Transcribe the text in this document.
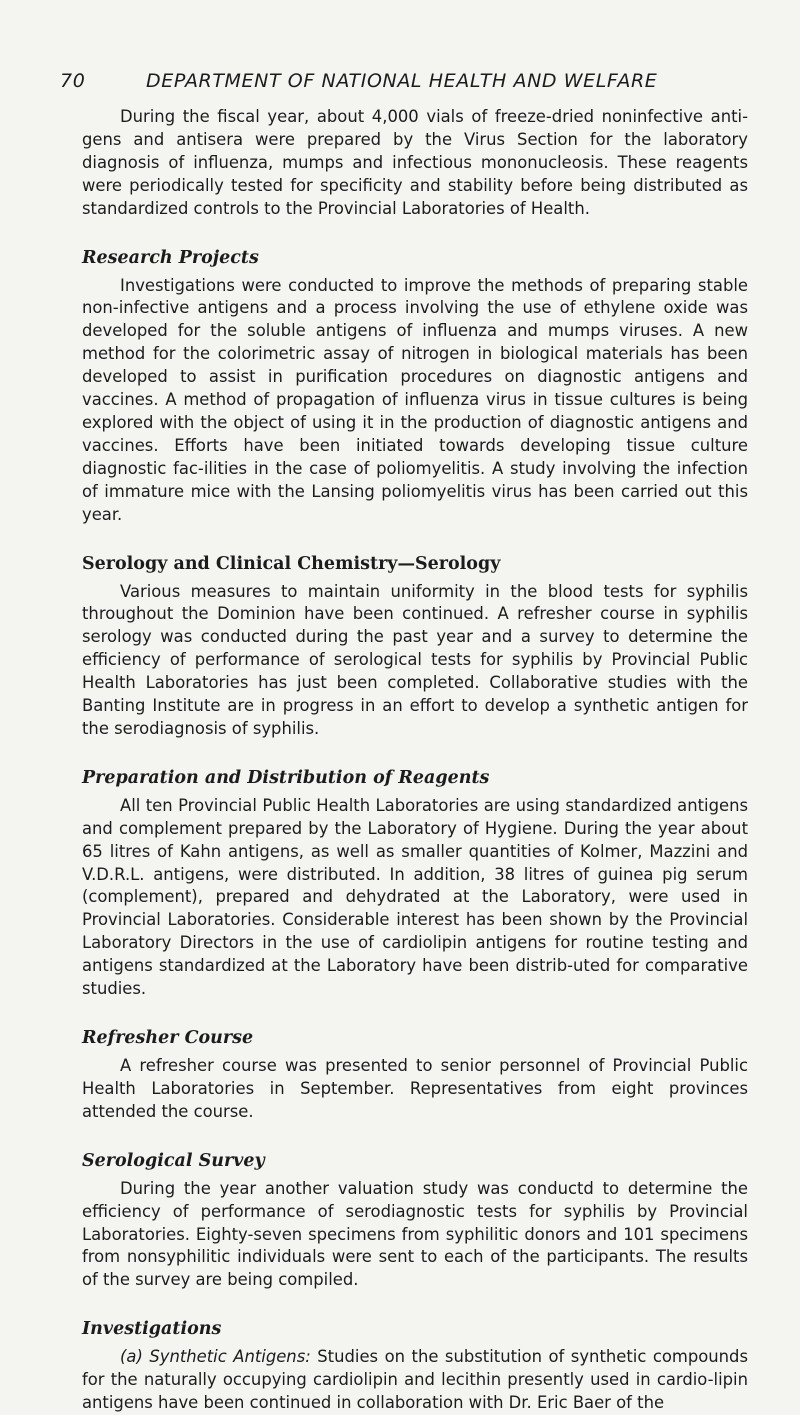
70	DEPARTMENT OF NATIONAL HEALTH AND WELFARE

During the fiscal year, about 4,000 vials of freeze-dried noninfective anti-gens and antisera were prepared by the Virus Section for the laboratory diagnosis of influenza, mumps and infectious mononucleosis. These reagents were periodically tested for specificity and stability before being distributed as standardized controls to the Provincial Laboratories of Health.

Research Projects

Investigations were conducted to improve the methods of preparing stable non-infective antigens and a process involving the use of ethylene oxide was developed for the soluble antigens of influenza and mumps viruses. A new method for the colorimetric assay of nitrogen in biological materials has been developed to assist in purification procedures on diagnostic antigens and vaccines. A method of propagation of influenza virus in tissue cultures is being explored with the object of using it in the production of diagnostic antigens and vaccines. Efforts have been initiated towards developing tissue culture diagnostic fac-ilities in the case of poliomyelitis. A study involving the infection of immature mice with the Lansing poliomyelitis virus has been carried out this year.

Serology and Clinical Chemistry—Serology

Various measures to maintain uniformity in the blood tests for syphilis throughout the Dominion have been continued. A refresher course in syphilis serology was conducted during the past year and a survey to determine the efficiency of performance of serological tests for syphilis by Provincial Public Health Laboratories has just been completed. Collaborative studies with the Banting Institute are in progress in an effort to develop a synthetic antigen for the serodiagnosis of syphilis.

Preparation and Distribution of Reagents

All ten Provincial Public Health Laboratories are using standardized antigens and complement prepared by the Laboratory of Hygiene. During the year about 65 litres of Kahn antigens, as well as smaller quantities of Kolmer, Mazzini and V.D.R.L. antigens, were distributed. In addition, 38 litres of guinea pig serum (complement), prepared and dehydrated at the Laboratory, were used in Provincial Laboratories. Considerable interest has been shown by the Provincial Laboratory Directors in the use of cardiolipin antigens for routine testing and antigens standardized at the Laboratory have been distrib-uted for comparative studies.

Refresher Course

A refresher course was presented to senior personnel of Provincial Public Health Laboratories in September. Representatives from eight provinces attended the course.

Serological Survey

During the year another valuation study was conductd to determine the efficiency of performance of serodiagnostic tests for syphilis by Provincial Laboratories. Eighty-seven specimens from syphilitic donors and 101 specimens from nonsyphilitic individuals were sent to each of the participants. The results of the survey are being compiled.

Investigations

(a) Synthetic Antigens: Studies on the substitution of synthetic compounds for the naturally occupying cardiolipin and lecithin presently used in cardio-lipin antigens have been continued in collaboration with Dr. Eric Baer of the
